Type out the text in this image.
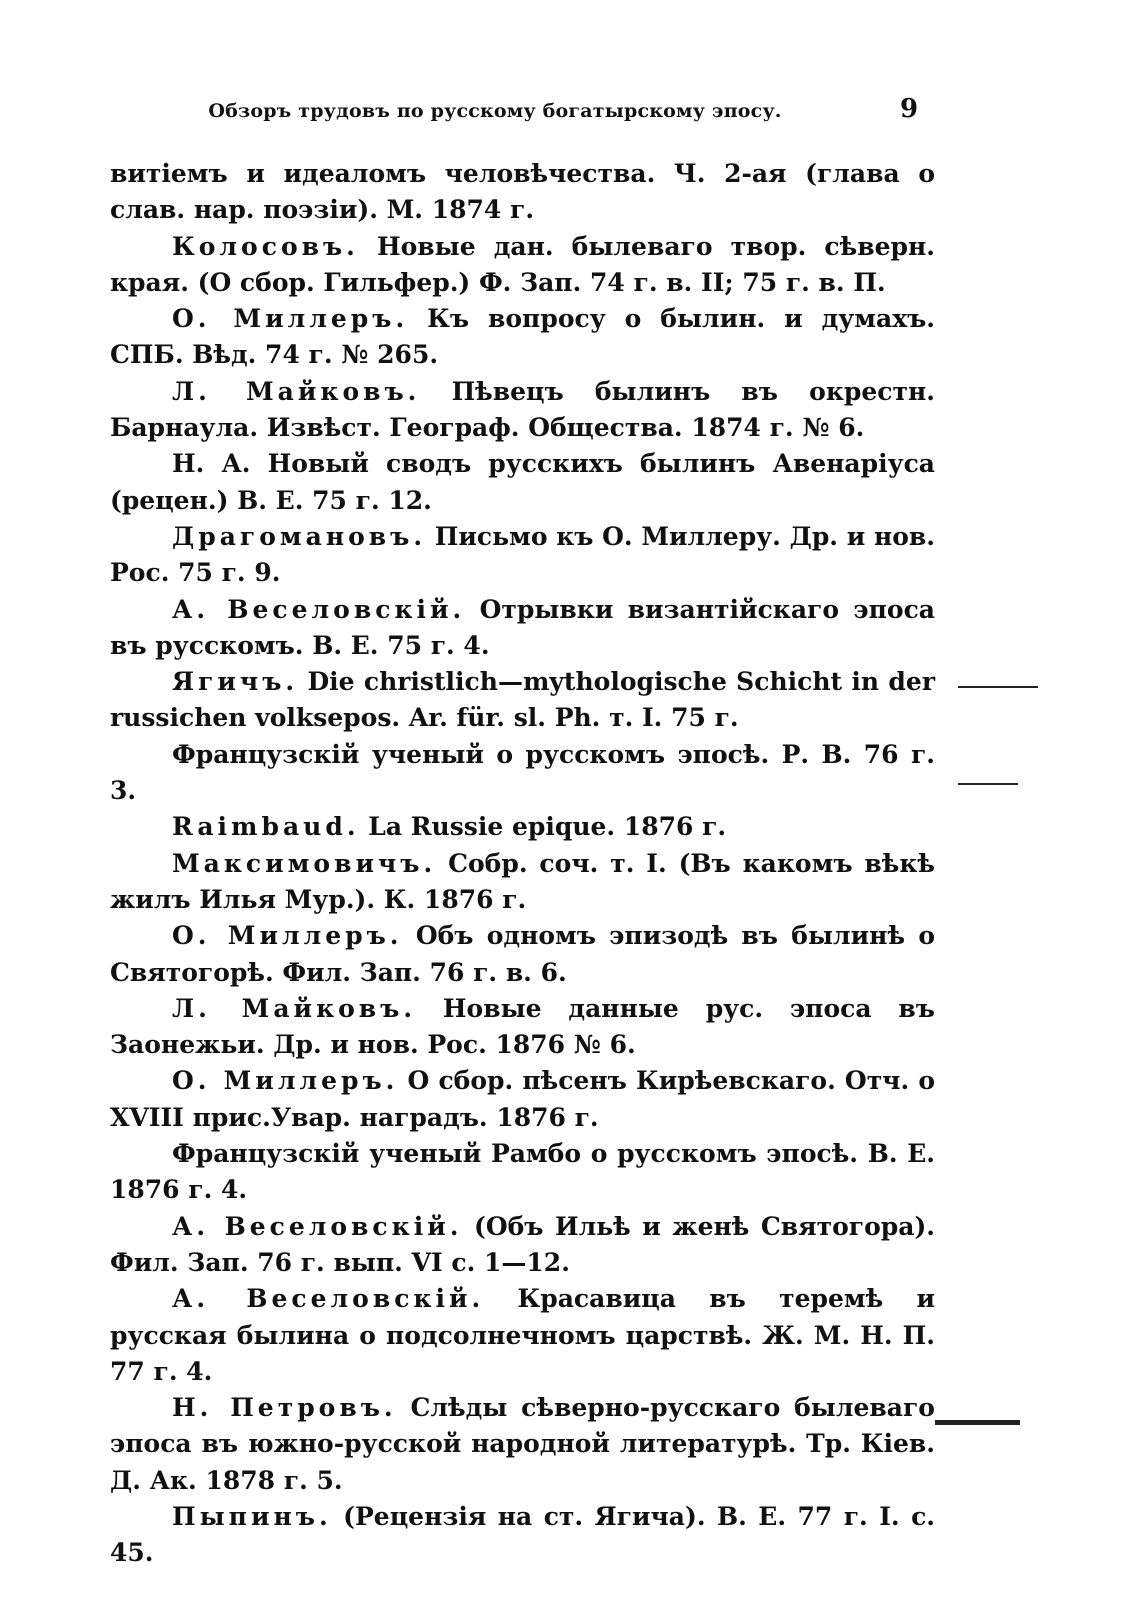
Обзоръ трудовъ по русскому богатырскому эпосу.	9

витіемъ и идеаломъ человѣчества. Ч. 2-ая (глава о слав. нар. поэзіи). М. 1874 г.

Колосовъ. Новые дан. былеваго твор. сѣверн. края. (О сбор. Гильфер.) Ф. Зап. 74 г. в. II; 75 г. в. П.

О. Миллеръ. Къ вопросу о былин. и думахъ. СПБ. Вѣд. 74 г. № 265.

Л. Майковъ. Пѣвецъ былинъ въ окрестн. Барнаула. Извѣст. Географ. Общества. 1874 г. № 6.

Н. А. Новый сводъ русскихъ былинъ Авенаріуса (рецен.) В. Е. 75 г. 12.

Драгомановъ. Письмо къ О. Миллеру. Др. и нов. Рос. 75 г. 9.

А. Веселовскій. Отрывки византійскаго эпоса въ русскомъ. В. Е. 75 г. 4.

Ягичъ. Die christlich—mythologische Schicht in der russichen volksepos. Ar. für. sl. Ph. т. I. 75 г.

Французскій ученый о русскомъ эпосѣ. Р. В. 76 г. 3.

Raimbaud. La Russie epique. 1876 г.

Максимовичъ. Собр. соч. т. I. (Въ какомъ вѣкѣ жилъ Илья Мур.). К. 1876 г.

О. Миллеръ. Объ одномъ эпизодѣ въ былинѣ о Святогорѣ. Фил. Зап. 76 г. в. 6.

Л. Майковъ. Новые данные рус. эпоса въ Заонежьи. Др. и нов. Рос. 1876 № 6.

О. Миллеръ. О сбор. пѣсенъ Кирѣевскаго. Отч. о XVIII прис.Увар. наградъ. 1876 г.

Французскій ученый Рамбо о русскомъ эпосѣ. В. Е. 1876 г. 4.

А. Веселовскій. (Объ Ильѣ и женѣ Святогора). Фил. Зап. 76 г. вып. VI с. 1—12.

А. Веселовскій. Красавица въ теремѣ и русская былина о подсолнечномъ царствѣ. Ж. М. Н. П. 77 г. 4.

Н. Петровъ. Слѣды сѣверно-русскаго былеваго эпоса въ южно-русской народной литературѣ. Тр. Кіев. Д. Ак. 1878 г. 5.

Пыпинъ. (Рецензія на ст. Ягича). В. Е. 77 г. I. с. 45.
